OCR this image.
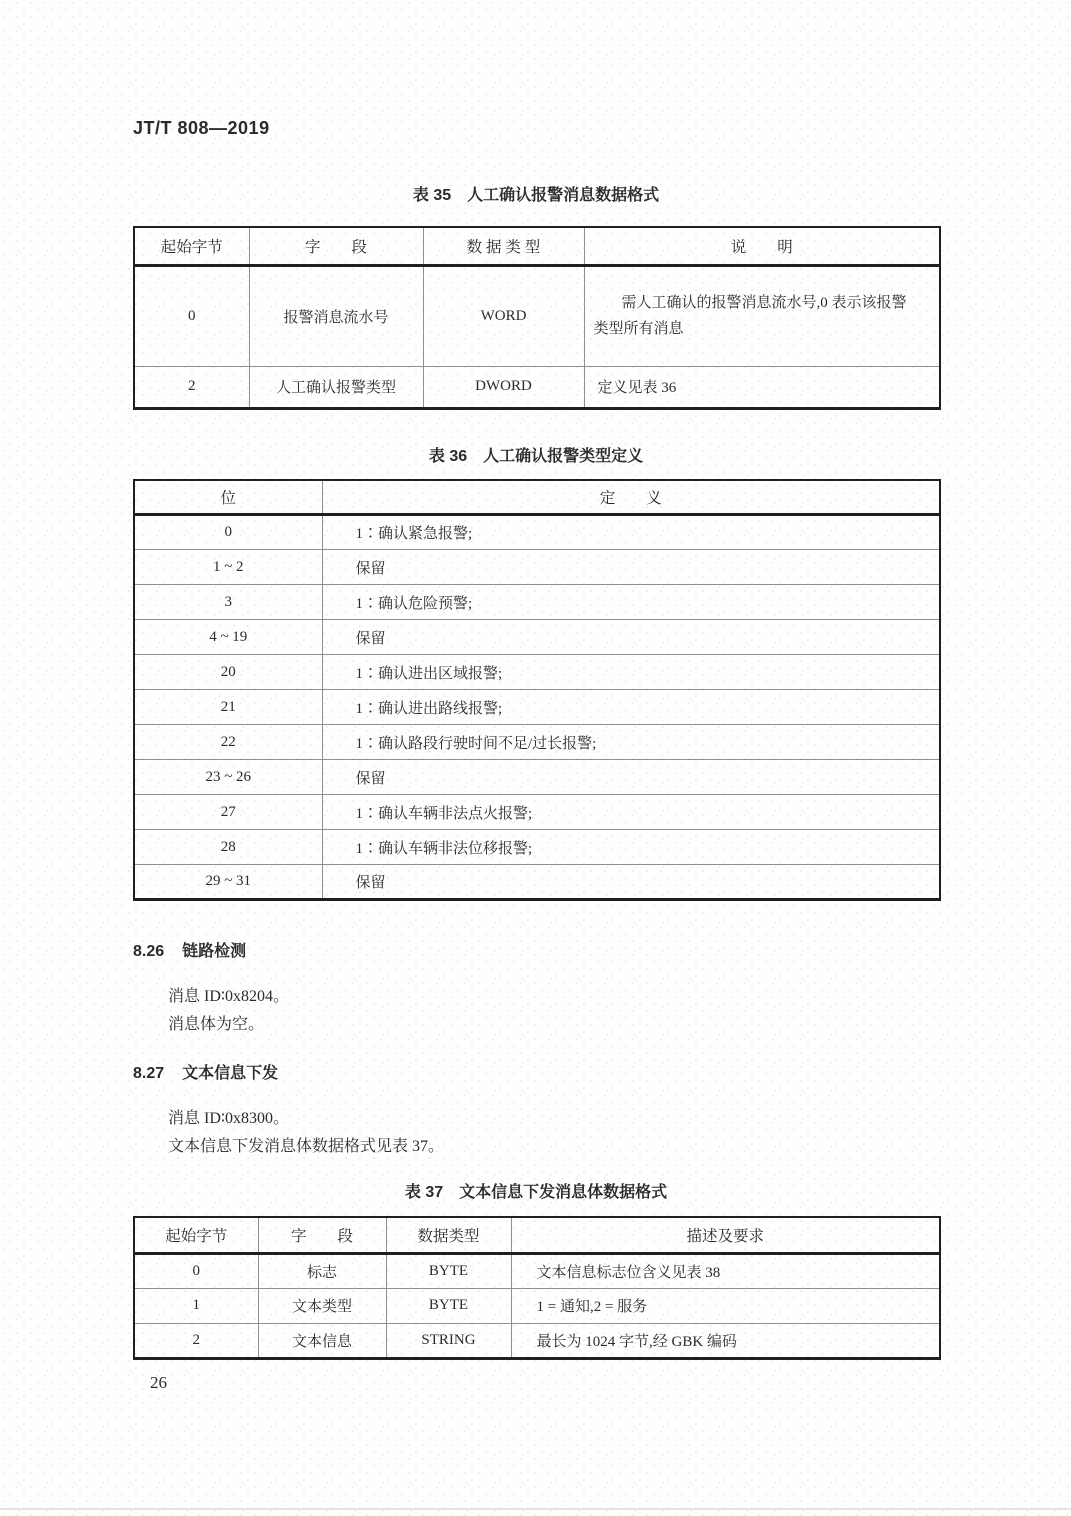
JT/T 808—2019
表 35　人工确认报警消息数据格式
起始字节	字　　段	数 据 类 型	说　　明
0	报警消息流水号	WORD	需人工确认的报警消息流水号,0 表示该报警类型所有消息
2	人工确认报警类型	DWORD	定义见表 36
表 36　人工确认报警类型定义
位	定　　义
0	1∶确认紧急报警;
1 ~ 2	保留
3	1∶确认危险预警;
4 ~ 19	保留
20	1∶确认进出区域报警;
21	1∶确认进出路线报警;
22	1∶确认路段行驶时间不足/过长报警;
23 ~ 26	保留
27	1∶确认车辆非法点火报警;
28	1∶确认车辆非法位移报警;
29 ~ 31	保留
8.26 链路检测
消息 ID∶0x8204。
消息体为空。
8.27 文本信息下发
消息 ID∶0x8300。
文本信息下发消息体数据格式见表 37。
表 37　文本信息下发消息体数据格式
起始字节	字　　段	数据类型	描述及要求
0	标志	BYTE	文本信息标志位含义见表 38
1	文本类型	BYTE	1 = 通知,2 = 服务
2	文本信息	STRING	最长为 1024 字节,经 GBK 编码
26
